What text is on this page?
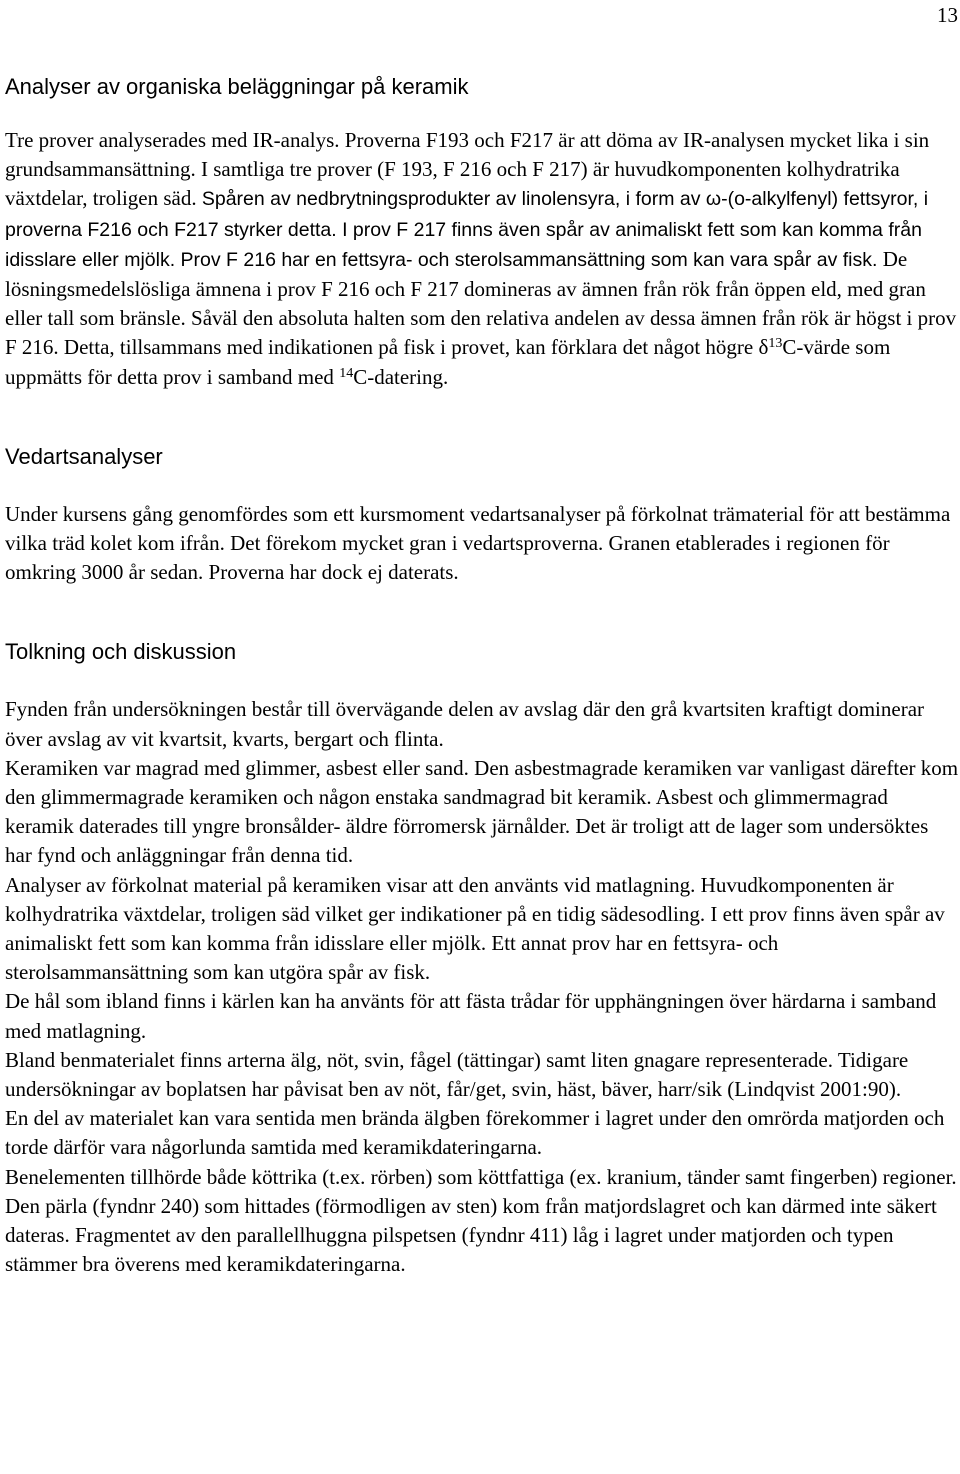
13
Analyser av organiska beläggningar på keramik

Tre prover analyserades med IR-analys. Proverna F193 och F217 är att döma av IR-analysen mycket lika i sin grundsammansättning. I samtliga tre prover (F 193, F 216 och F 217) är huvudkomponenten kolhydratrika växtdelar, troligen säd. Spåren av nedbrytningsprodukter av linolensyra, i form av ω-(o-alkylfenyl) fettsyror, i proverna F216 och F217 styrker detta. I prov F 217 finns även spår av animaliskt fett som kan komma från idisslare eller mjölk. Prov F 216 har en fettsyra- och sterolsammansättning som kan vara spår av fisk. De lösningsmedelslösliga ämnena i prov F 216 och F 217 domineras av ämnen från rök från öppen eld, med gran eller tall som bränsle. Såväl den absoluta halten som den relativa andelen av dessa ämnen från rök är högst i prov F 216. Detta, tillsammans med indikationen på fisk i provet, kan förklara det något högre $\delta^{13}C$-värde som uppmätts för detta prov i samband med $^{14}$C-datering.

Vedartsanalyser

Under kursens gång genomfördes som ett kursmoment vedartsanalyser på förkolnat trämaterial för att bestämma vilka träd kolet kom ifrån. Det förekom mycket gran i vedartsproverna. Granen etablerades i regionen för omkring 3000 år sedan. Proverna har dock ej daterats.

Tolkning och diskussion

Fynden från undersökningen består till övervägande delen av avslag där den grå kvartsiten kraftigt dominerar över avslag av vit kvartsit, kvarts, bergart och flinta.

Keramiken var magrad med glimmer, asbest eller sand. Den asbestmagrade keramiken var vanligast därefter kom den glimmermagrade keramiken och någon enstaka sandmagrad bit keramik. Asbest och glimmermagrad keramik daterades till yngre bronsålder- äldre förromersk järnålder. Det är troligt att de lager som undersöktes har fynd och anläggningar från denna tid.

Analyser av förkolnat material på keramiken visar att den använts vid matlagning. Huvudkomponenten är kolhydratrika växtdelar, troligen säd vilket ger indikationer på en tidig sädesodling. I ett prov finns även spår av animaliskt fett som kan komma från idisslare eller mjölk. Ett annat prov har en fettsyra- och sterolsammansättning som kan utgöra spår av fisk.

De hål som ibland finns i kärlen kan ha använts för att fästa trådar för upphängningen över härdarna i samband med matlagning.

Bland benmaterialet finns arterna älg, nöt, svin, fågel (tättingar) samt liten gnagare representerade. Tidigare undersökningar av boplatsen har påvisat ben av nöt, får/get, svin, häst, bäver, harr/sik (Lindqvist 2001:90).

En del av materialet kan vara sentida men brända älgben förekommer i lagret under den omrörda matjorden och torde därför vara någorlunda samtida med keramikdateringarna.

Benelementen tillhörde både köttrika (t.ex. rörben) som köttfattiga (ex. kranium, tänder samt fingerben) regioner. Den pärla (fyndnr 240) som hittades (förmodligen av sten) kom från matjordslagret och kan därmed inte säkert dateras. Fragmentet av den parallellhuggna pilspetsen (fyndnr 411) låg i lagret under matjorden och typen stämmer bra överens med keramikdateringarna.
